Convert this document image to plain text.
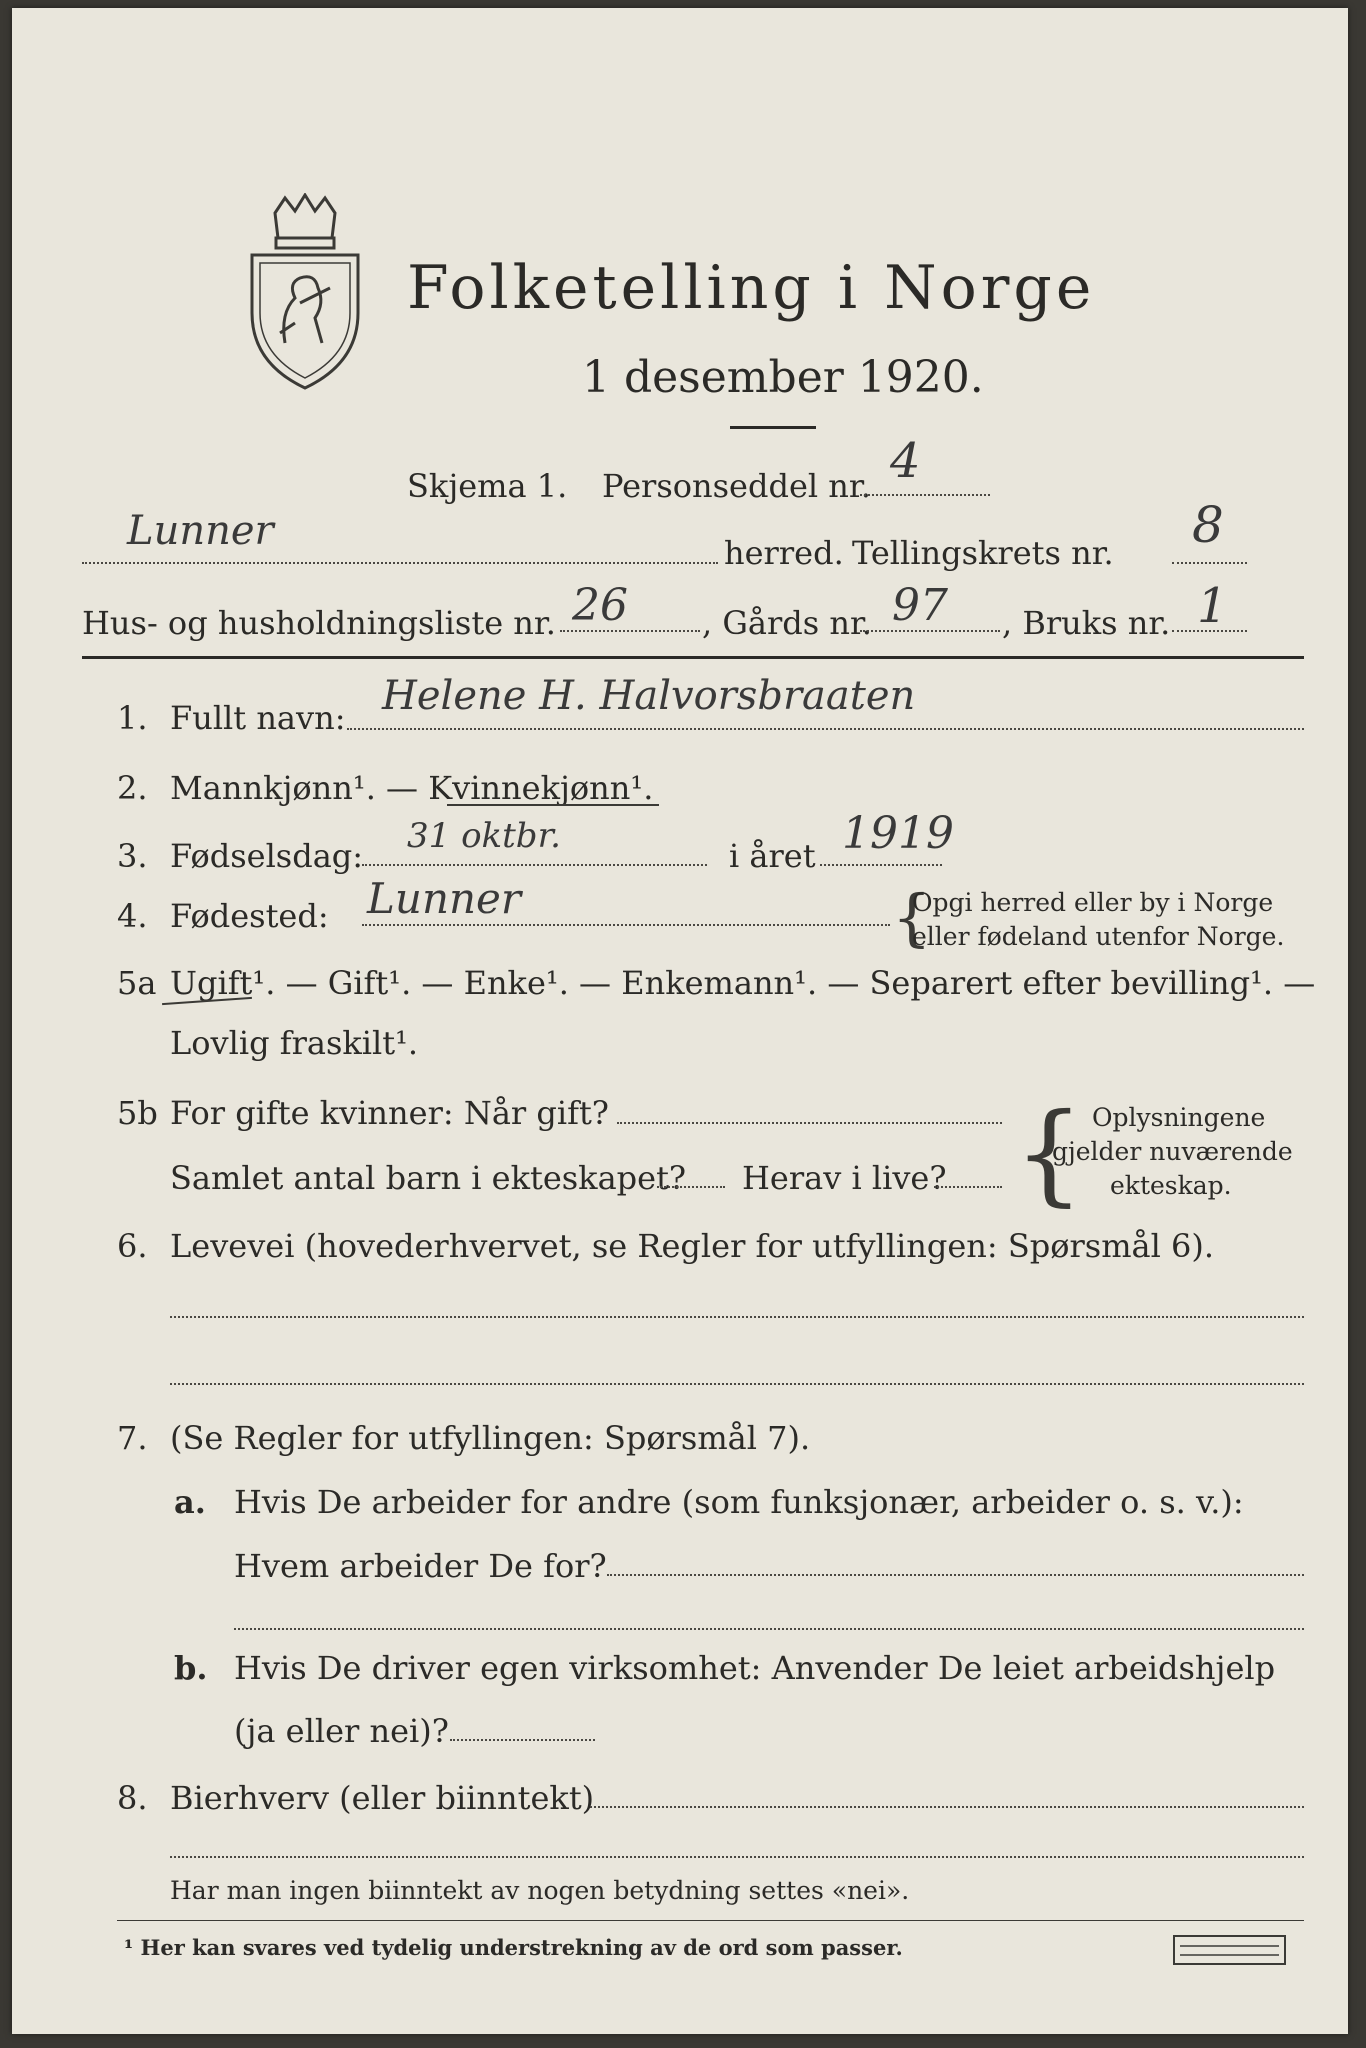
Folketelling i Norge
1 desember 1920.
Skjema 1. Personseddel nr. 4
Lunner	herred. Tellingskrets nr. 8
Hus- og husholdningsliste nr. 26 , Gårds nr. 97 , Bruks nr. 1
1. Fullt navn: Helene H. Halvorsbraaten
2. Mannkjønn¹. — Kvinnekjønn¹.
3. Fødselsdag: 31 oktbr.	i året 1919
4. Fødested: Lunner	{
Opgi herred eller by i Norge
eller fødeland utenfor Norge.
5a Ugift¹. — Gift¹. — Enke¹. — Enkemann¹. — Separert efter bevilling¹. —
Lovlig fraskilt¹.
5b For gifte kvinner: Når gift?
Samlet antal barn i ekteskapet? Herav i live? { Oplysningene
gjelder nuværende
ekteskap.
6. Levevei (hovederhvervet, se Regler for utfyllingen: Spørsmål 6).
7. (Se Regler for utfyllingen: Spørsmål 7).
a. Hvis De arbeider for andre (som funksjonær, arbeider o. s. v.):
Hvem arbeider De for?
b. Hvis De driver egen virksomhet: Anvender De leiet arbeidshjelp
(ja eller nei)?
8. Bierhverv (eller biinntekt)
Har man ingen biinntekt av nogen betydning settes «nei».
¹ Her kan svares ved tydelig understrekning av de ord som passer.
